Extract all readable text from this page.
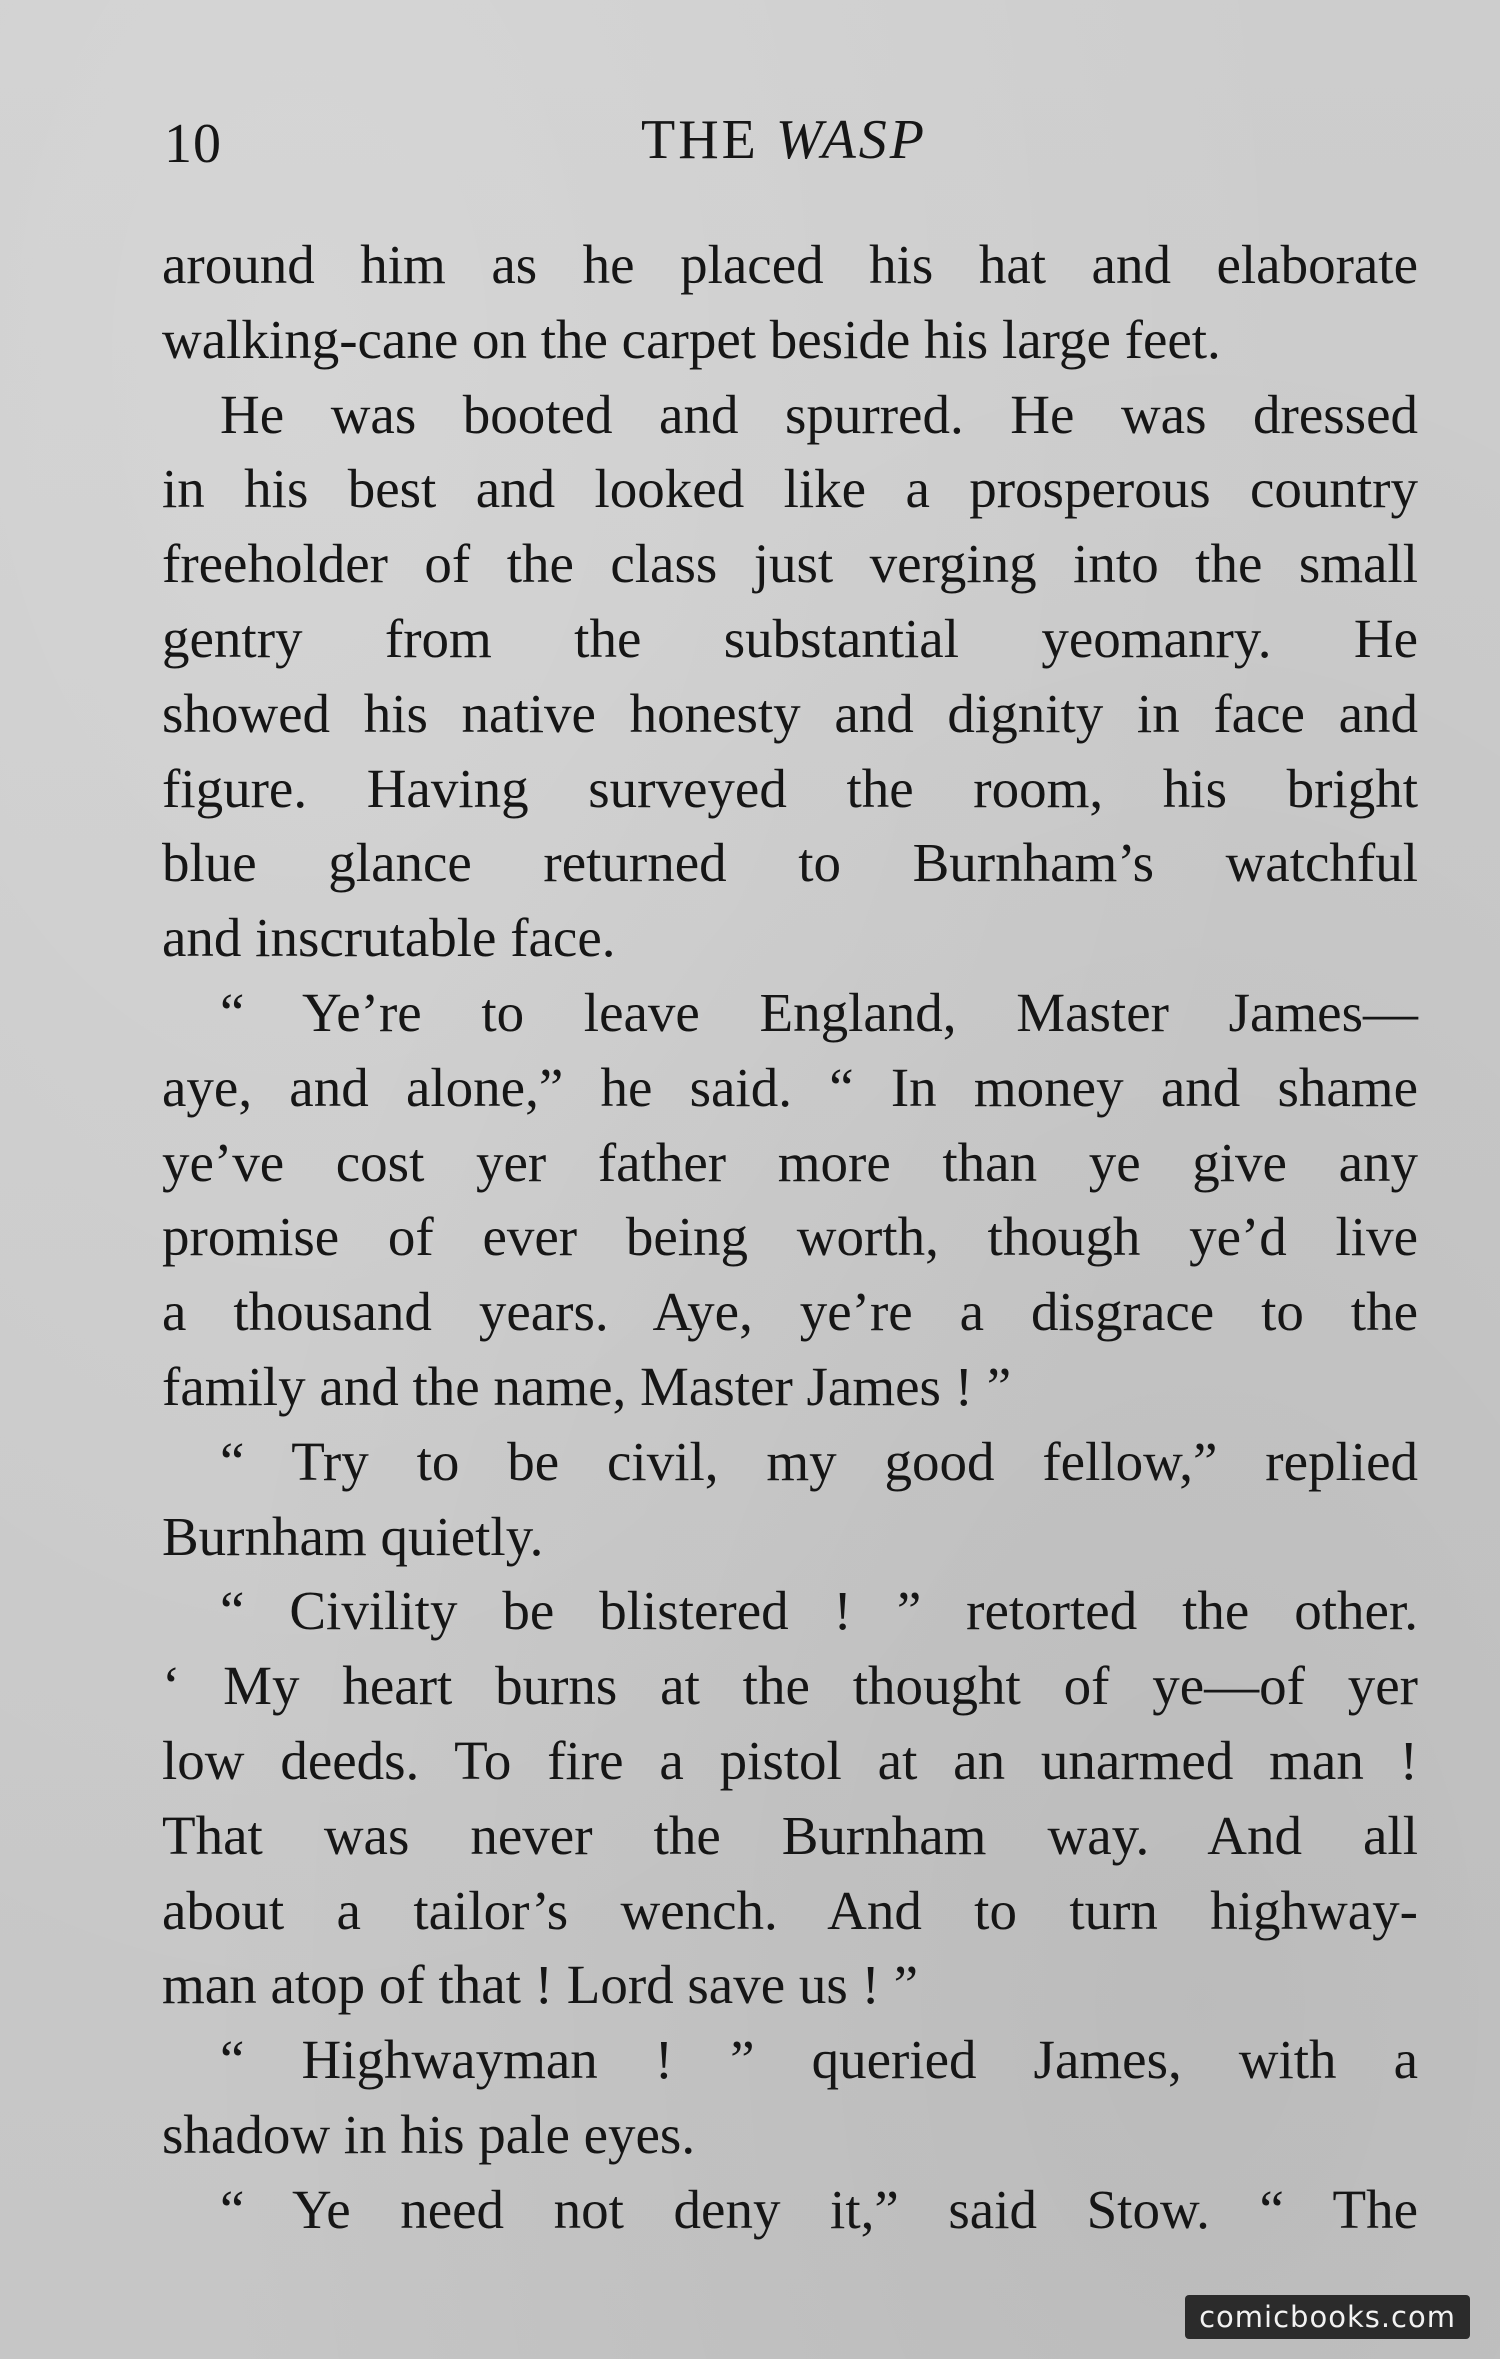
10	THE WASP
around him as he placed his hat and elaborate
walking-cane on the carpet beside his large feet.
He was booted and spurred. He was dressed
in his best and looked like a prosperous country
freeholder of the class just verging into the small
gentry from the substantial yeomanry. He
showed his native honesty and dignity in face and
figure. Having surveyed the room, his bright
blue glance returned to Burnham’s watchful
and inscrutable face.
“ Ye’re to leave England, Master James—
aye, and alone,” he said. “ In money and shame
ye’ve cost yer father more than ye give any
promise of ever being worth, though ye’d live
a thousand years. Aye, ye’re a disgrace to the
family and the name, Master James ! ”
“ Try to be civil, my good fellow,” replied
Burnham quietly.
“ Civility be blistered ! ” retorted the other.
‘ My heart burns at the thought of ye—of yer
low deeds. To fire a pistol at an unarmed man !
That was never the Burnham way. And all
about a tailor’s wench. And to turn highway-
man atop of that ! Lord save us ! ”
“ Highwayman ! ” queried James, with a
shadow in his pale eyes.
“ Ye need not deny it,” said Stow. “ The
comicbooks.com
